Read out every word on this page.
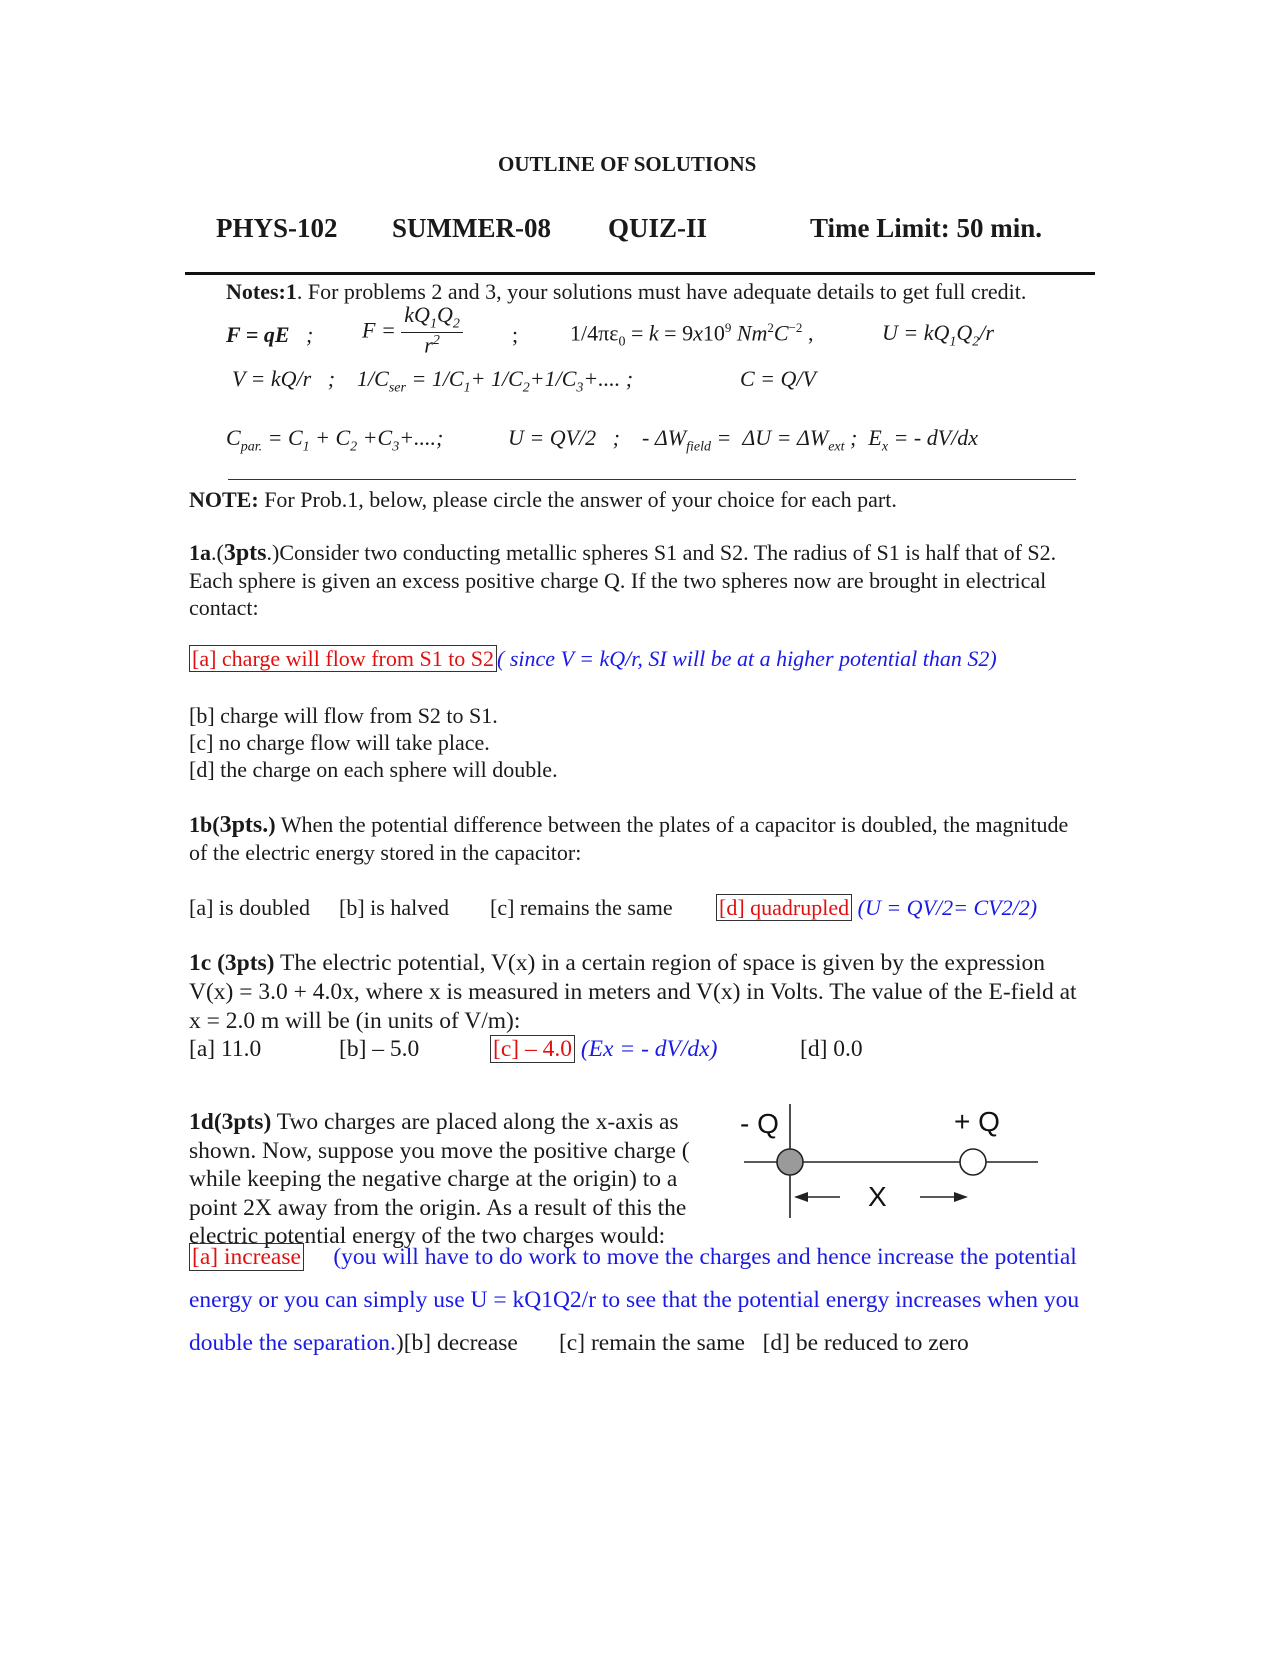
OUTLINE OF SOLUTIONS
PHYS-102 SUMMER-08 QUIZ-II	Time Limit: 50 min.
Notes:1. For problems 2 and 3, your solutions must have adequate details to get full credit.
F = qE ; $F = \frac{kQ_1Q_2}{r^2}$ ; $1/4\pi\varepsilon_0 = k = 9x10^9$ $Nm^2C^{-2}$ ,	$U = kQ_1Q_2/r$
V = kQ/r ; $1/C_{ser} = 1/C_1+ 1/C_2+1/C_3+$.... ;	C = Q/V
$C_{par.} = C_1 + C_2 +C_3+$....;	U = QV/2 ; - $\Delta W_{field} = \Delta U = \Delta W_{ext}$ ; $E_x$ = - dV/dx
NOTE: For Prob.1, below, please circle the answer of your choice for each part.
1a.(3pts.)Consider two conducting metallic spheres S1 and S2. The radius of S1 is half that of S2. Each sphere is given an excess positive charge Q. If the two spheres now are brought in electrical contact:
[a] charge will flow from S1 to S2 ( since V = kQ/r, SI will be at a higher potential than S2)
[b] charge will flow from S2 to S1.
[c] no charge flow will take place.
[d] the charge on each sphere will double.
1b(3pts.) When the potential difference between the plates of a capacitor is doubled, the magnitude of the electric energy stored in the capacitor:
[a] is doubled [b] is halved [c] remains the same [d] quadrupled (U = QV/2= CV2/2)
1c (3pts) The electric potential, V(x) in a certain region of space is given by the expression V(x) = 3.0 + 4.0x, where x is measured in meters and V(x) in Volts. The value of the E-field at x = 2.0 m will be (in units of V/m):
[a] 11.0	[b] – 5.0	[c] – 4.0 (Ex = - dV/dx)	[d] 0.0
1d(3pts) Two charges are placed along the x-axis as shown. Now, suppose you move the positive charge ( while keeping the negative charge at the origin) to a point 2X away from the origin. As a result of this the electric potential energy of the two charges would:
- Q	+ Q
X
[a] increase (you will have to do work to move the charges and hence increase the potential energy or you can simply use U = kQ1Q2/r to see that the potential energy increases when you double the separation.)[b] decrease [c] remain the same [d] be reduced to zero
